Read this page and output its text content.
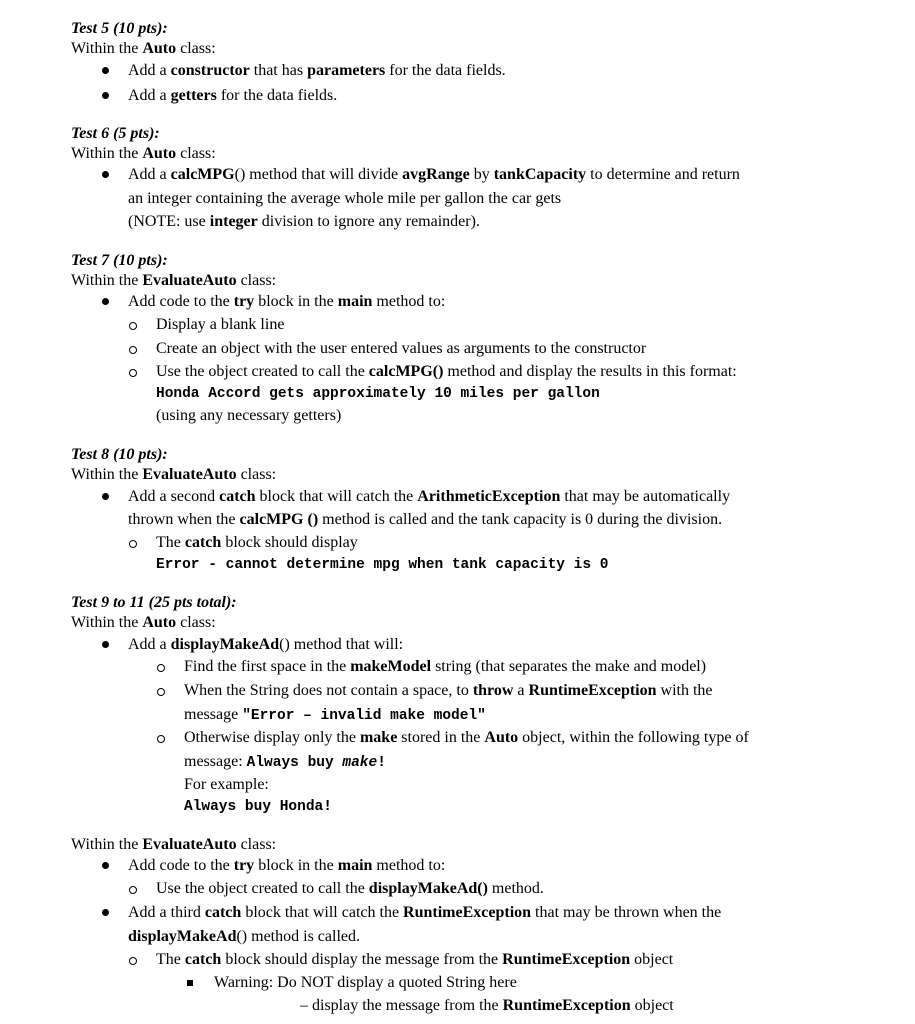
Test 5 (10 pts):
Within the Auto class:
Add a constructor that has parameters for the data fields.
Add a getters for the data fields.
Test 6 (5 pts):
Within the Auto class:
Add a calcMPG() method that will divide avgRange by tankCapacity to determine and return
an integer containing the average whole mile per gallon the car gets
(NOTE: use integer division to ignore any remainder).
Test 7 (10 pts):
Within the EvaluateAuto class:
Add code to the try block in the main method to:
Display a blank line
Create an object with the user entered values as arguments to the constructor
Use the object created to call the calcMPG() method and display the results in this format:
Honda Accord gets approximately 10 miles per gallon
(using any necessary getters)
Test 8 (10 pts):
Within the EvaluateAuto class:
Add a second catch block that will catch the ArithmeticException that may be automatically
thrown when the calcMPG () method is called and the tank capacity is 0 during the division.
The catch block should display
Error - cannot determine mpg when tank capacity is 0
Test 9 to 11 (25 pts total):
Within the Auto class:
Add a displayMakeAd() method that will:
Find the first space in the makeModel string (that separates the make and model)
When the String does not contain a space, to throw a RuntimeException with the
message "Error – invalid make model"
Otherwise display only the make stored in the Auto object, within the following type of
message: Always buy make!
For example:
Always buy Honda!
Within the EvaluateAuto class:
Add code to the try block in the main method to:
Use the object created to call the displayMakeAd() method.
Add a third catch block that will catch the RuntimeException that may be thrown when the
displayMakeAd() method is called.
The catch block should display the message from the RuntimeException object
Warning: Do NOT display a quoted String here
– display the message from the RuntimeException object
